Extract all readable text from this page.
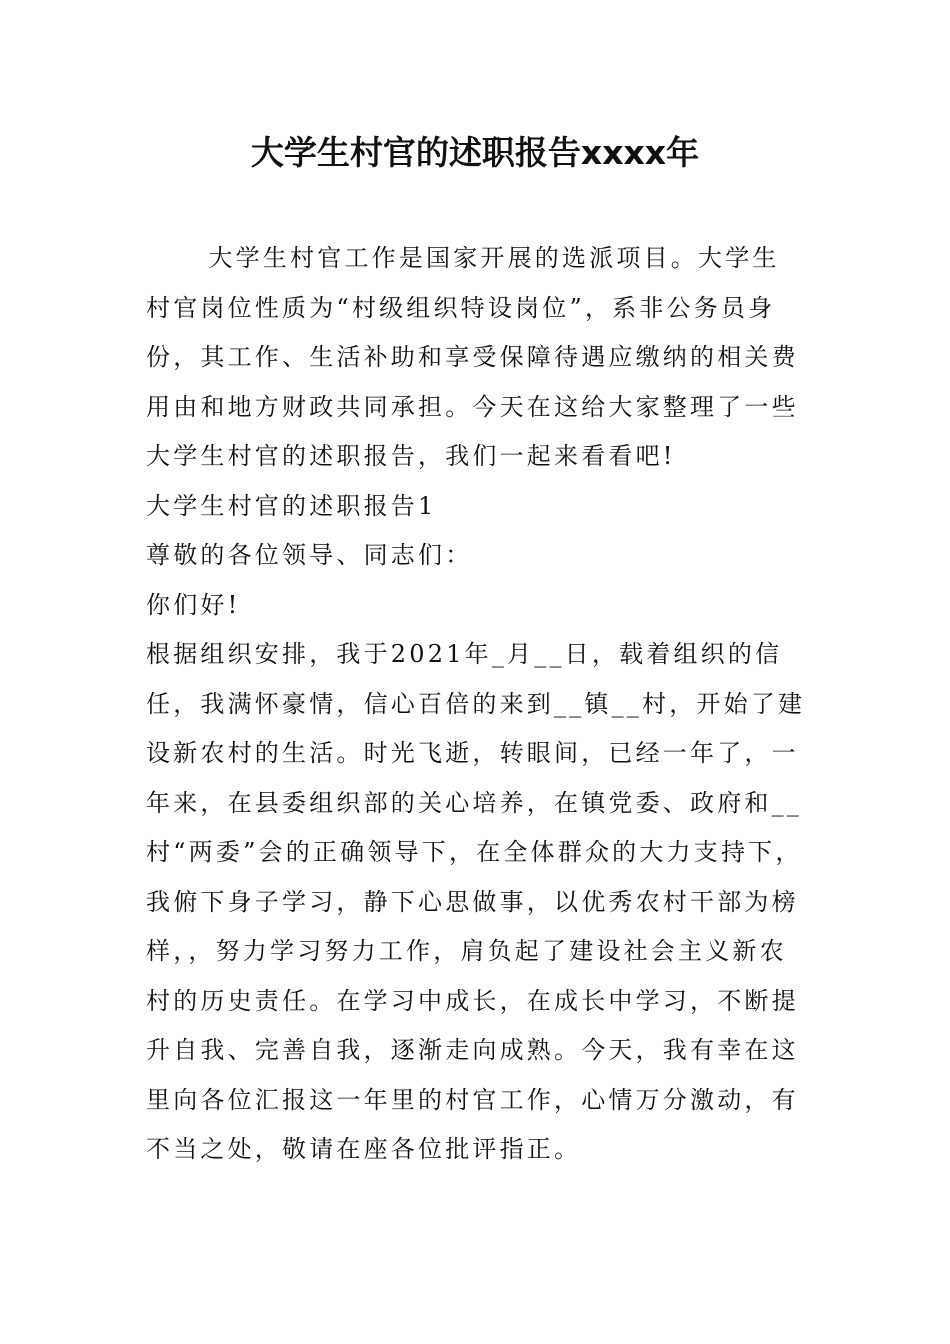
大学生村官的述职报告xxxx年

大学生村官工作是国家开展的选派项目。大学生村官岗位性质为“村级组织特设岗位”，系非公务员身份，其工作、生活补助和享受保障待遇应缴纳的相关费用由和地方财政共同承担。今天在这给大家整理了一些大学生村官的述职报告，我们一起来看看吧!

大学生村官的述职报告1

尊敬的各位领导、同志们：

你们好!

根据组织安排，我于2021年_月__日，载着组织的信任，我满怀豪情，信心百倍的来到__镇__村，开始了建设新农村的生活。时光飞逝，转眼间，已经一年了，一年来，在县委组织部的关心培养，在镇党委、政府和__村“两委”会的正确领导下，在全体群众的大力支持下，我俯下身子学习，静下心思做事，以优秀农村干部为榜样，，努力学习努力工作，肩负起了建设社会主义新农村的历史责任。在学习中成长，在成长中学习，不断提升自我、完善自我，逐渐走向成熟。今天，我有幸在这里向各位汇报这一年里的村官工作，心情万分激动，有不当之处，敬请在座各位批评指正。
